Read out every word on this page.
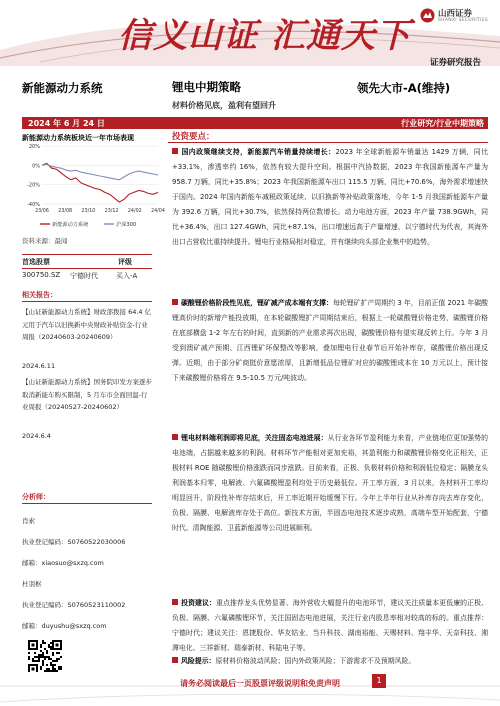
信义山证 汇通天下
山西证券
SHANXI SECURITIES
证券研究报告
新能源动力系统	锂电中期策略
材料价格见底，盈利有望回升
领先大市-A(维持)
2024 年 6 月 24 日	行业研究/行业中期策略
新能源动力系统板块近一年市场表现
20%
0%
-20%
-40%
23/06 23/08 23/10 23/12 24/02 24/04
新能源动力系统	沪深300
资料来源：最闻
首选股票	评级
300750.SZ 宁德时代	买入-A
相关报告：
【山证新能源动力系统】财政部拨接 64.4 亿元用于汽车以旧换新中央财政补贴资金-行业周报（20240603-20240609）
2024.6.11
【山证新能源动力系统】国务院印发方案逐步取消新能车购买限制，5 月车市全面回温-行业周报（20240527-20240602）
2024.6.4
分析师：
肖索
执业登记编码：S0760522030006
邮箱：xiaosuo@sxzq.com
杜羽枢
执业登记编码：S0760523110002
邮箱：duyushu@sxzq.com
投资要点：
国内政策继续支持，新能源汽车销量持续增长：2023 年全球新能源车销量达 1429 万辆，同比+33.1%，渗透率约 16%，依然有较大提升空间。根据中汽协数据，2023 年我国新能源车产量为 958.7 万辆，同比+35.8%；2023 年我国新能源车出口 115.5 万辆，同比+70.6%，海外需求增速快于国内。2024 年国内新能车减税政策延续、以旧换新等补贴政策落地，今年 1-5 月我国新能源车产量为 392.6 万辆，同比+30.7%，依然保持两位数增长。动力电池方面，2023 年产量 738.9GWh，同比+36.4%，出口 127.4GWh，同比+87.1%，出口增速远高于产量增速，以宁德时代为代表，其海外出口占营收比重持续提升。锂电行业格局相对稳定，并有继续向头部企业集中的趋势。
碳酸锂价格阶段性见底，锂矿减产成本端有支撑：每轮锂矿扩产周期约 3 年，目前正值 2021 年碳酸锂高价时的新增产能投放期，在本轮碳酸锂扩产周期结束后，根据上一轮碳酸锂价格走势，碳酸锂价格在底部横盘 1-2 年左右的时间，直到新的产业需求再次出现，碳酸锂价格有望实现反转上行。今年 3 月受到澳矿减产预期、江西锂矿环保整改等影响，叠加锂电行业春节后开始补库存，碳酸锂价格出现反弹。近期，由于部分矿商挺价意愿浓厚，且新增低品位锂矿对应的碳酸锂成本在 10 万元以上，预计接下来碳酸锂价格将在 9.5-10.5 万元/吨波动。
锂电材料端利润即将见底，关注固态电池进展：从行业各环节盈利能力来看，产业链地位更加强势的电池端，占据越来越多的利润。材料环节产能相对更加充裕，其盈利能力和碳酸锂价格变化正相关，正极材料 ROE 随碳酸锂价格涨跌而同步涨跌。目前来看，正极、负极材料价格和利润低位稳定；隔膜龙头利润基本归零，电解液、六氟磷酸锂盈利均处于历史最低位。开工率方面，3 月以来，各材料开工率均明显回升，阶段性补库存结束后，开工率近期开始缓慢下行。今年上半年行业从补库存向去库存变化，负极、隔膜、电解液库存处于高位。新技术方面，半固态电池技术逐步成熟，高端车型开始配套，宁德时代、清陶能源、卫蓝新能源等公司进展顺利。
投资建议：重点推荐龙头优势显著、海外营收大幅提升的电池环节，建议关注质量本更低廉的正极、负极、隔膜、六氟磷酸锂环节，关注国固态电池进展，关注行业内股息率相对较高的标的。重点推荐：宁德时代；建议关注：恩捷股份、华友钴业、当升科技、湖南裕能、天赐材料、翔丰华、天奈科技、湘潭电化、三祥新材、瑞泰新材、科陆电子等。
风险提示：原材料价格波动风险；国内外政策风险；下游需求不及预期风险。
请务必阅读最后一页股票评级说明和免责声明	1
